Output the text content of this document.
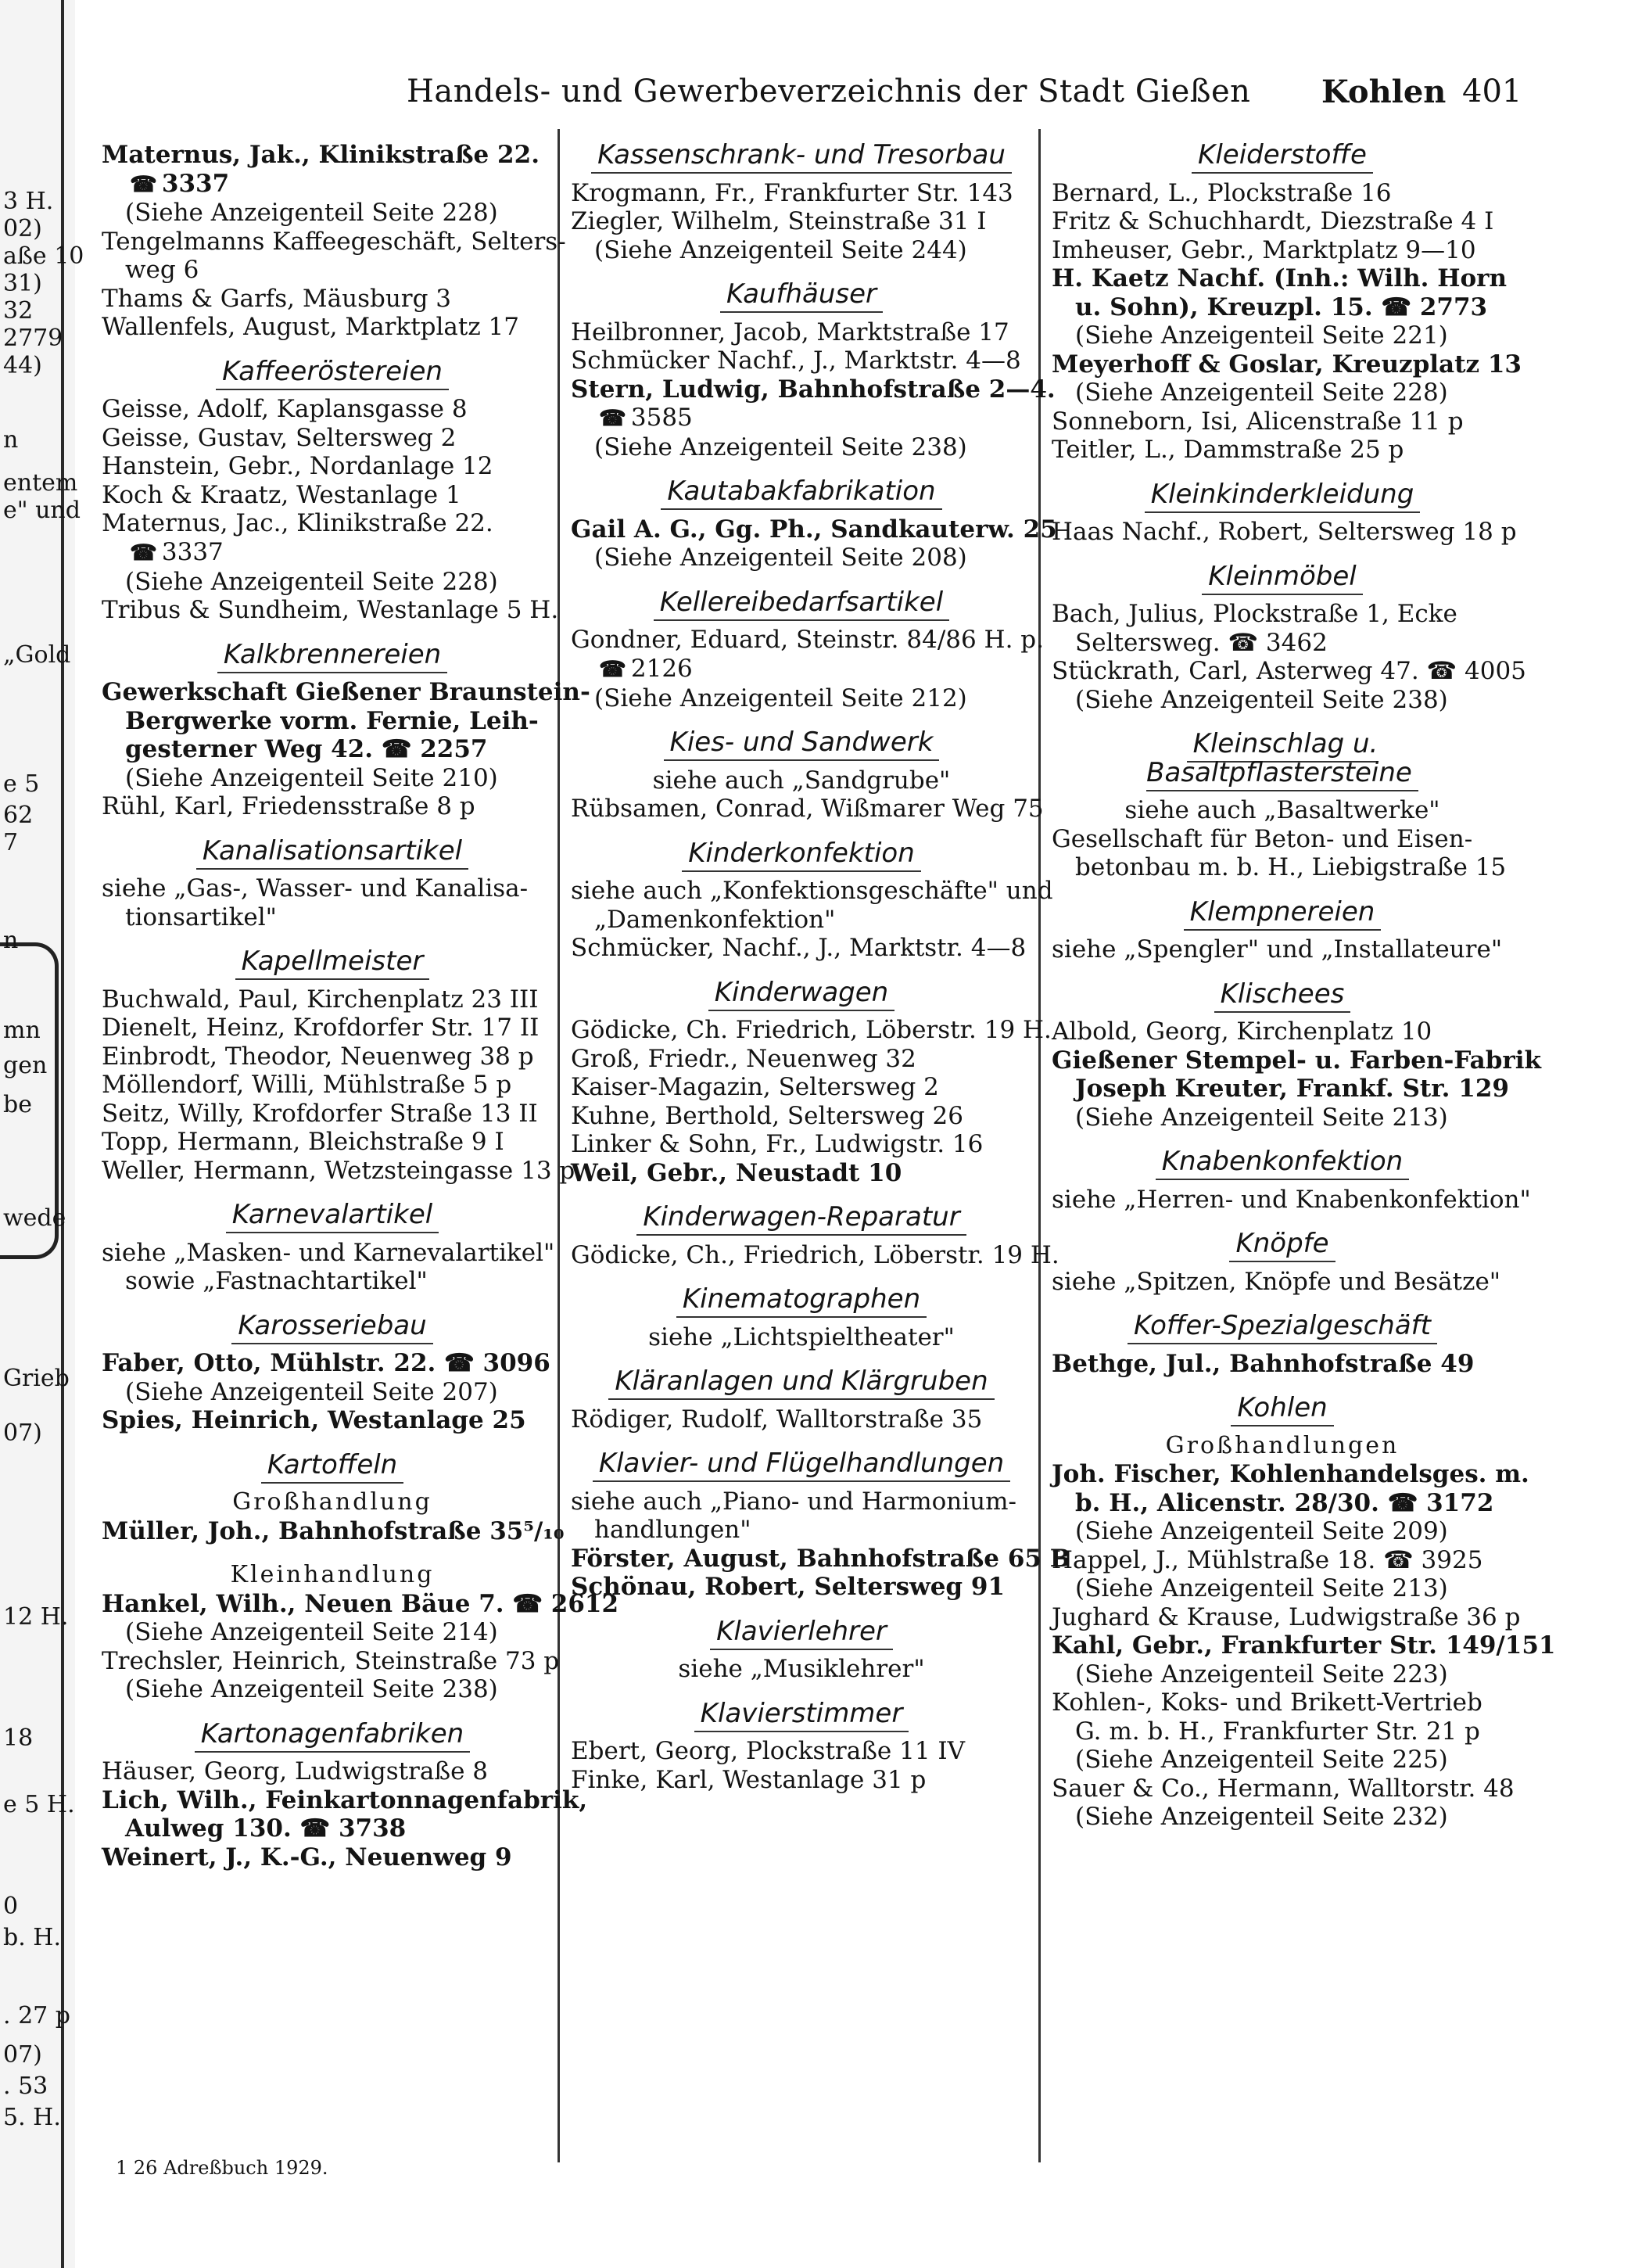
3 H.
02)
aße 10
31)
32
2779
44)
n
entem
e" und
„Gold
e 5
62
7
n
mn
gen
be
wede
Grieb
07)
12 H.
18
e 5 H.
0
b. H.
. 27 p
07)
. 53
5. H.
Handels- und Gewerbeverzeichnis der Stadt Gießen Kohlen 401
Maternus, Jak., Klinikstraße 22.
☎ 3337
(Siehe Anzeigenteil Seite 228)
Tengelmanns Kaffeegeschäft, Selters-
weg 6
Thams & Garfs, Mäusburg 3
Wallenfels, August, Marktplatz 17
Kaffeeröstereien
Geisse, Adolf, Kaplansgasse 8
Geisse, Gustav, Seltersweg 2
Hanstein, Gebr., Nordanlage 12
Koch & Kraatz, Westanlage 1
Maternus, Jac., Klinikstraße 22.
☎ 3337
(Siehe Anzeigenteil Seite 228)
Tribus & Sundheim, Westanlage 5 H.
Kalkbrennereien
Gewerkschaft Gießener Braunstein-
Bergwerke vorm. Fernie, Leih-
gesterner Weg 42. ☎ 2257
(Siehe Anzeigenteil Seite 210)
Rühl, Karl, Friedensstraße 8 p
Kanalisationsartikel
siehe „Gas-, Wasser- und Kanalisa-
tionsartikel"
Kapellmeister
Buchwald, Paul, Kirchenplatz 23 III
Dienelt, Heinz, Krofdorfer Str. 17 II
Einbrodt, Theodor, Neuenweg 38 p
Möllendorf, Willi, Mühlstraße 5 p
Seitz, Willy, Krofdorfer Straße 13 II
Topp, Hermann, Bleichstraße 9 I
Weller, Hermann, Wetzsteingasse 13 p
Karnevalartikel
siehe „Masken- und Karnevalartikel"
sowie „Fastnachtartikel"
Karosseriebau
Faber, Otto, Mühlstr. 22. ☎ 3096
(Siehe Anzeigenteil Seite 207)
Spies, Heinrich, Westanlage 25
Kartoffeln
Großhandlung
Müller, Joh., Bahnhofstraße 35⁵/₁₀
Kleinhandlung
Hankel, Wilh., Neuen Bäue 7. ☎ 2612
(Siehe Anzeigenteil Seite 214)
Trechsler, Heinrich, Steinstraße 73 p
(Siehe Anzeigenteil Seite 238)
Kartonagenfabriken
Häuser, Georg, Ludwigstraße 8
Lich, Wilh., Feinkartonnagenfabrik,
Aulweg 130. ☎ 3738
Weinert, J., K.-G., Neuenweg 9
Kassenschrank- und Tresorbau
Krogmann, Fr., Frankfurter Str. 143
Ziegler, Wilhelm, Steinstraße 31 I
(Siehe Anzeigenteil Seite 244)
Kaufhäuser
Heilbronner, Jacob, Marktstraße 17
Schmücker Nachf., J., Marktstr. 4—8
Stern, Ludwig, Bahnhofstraße 2—4.
☎ 3585
(Siehe Anzeigenteil Seite 238)
Kautabakfabrikation
Gail A. G., Gg. Ph., Sandkauterw. 25
(Siehe Anzeigenteil Seite 208)
Kellereibedarfsartikel
Gondner, Eduard, Steinstr. 84/86 H. p.
☎ 2126
(Siehe Anzeigenteil Seite 212)
Kies- und Sandwerk
siehe auch „Sandgrube"
Rübsamen, Conrad, Wißmarer Weg 75
Kinderkonfektion
siehe auch „Konfektionsgeschäfte" und
„Damenkonfektion"
Schmücker, Nachf., J., Marktstr. 4—8
Kinderwagen
Gödicke, Ch. Friedrich, Löberstr. 19 H.
Groß, Friedr., Neuenweg 32
Kaiser-Magazin, Seltersweg 2
Kuhne, Berthold, Seltersweg 26
Linker & Sohn, Fr., Ludwigstr. 16
Weil, Gebr., Neustadt 10
Kinderwagen-Reparatur
Gödicke, Ch., Friedrich, Löberstr. 19 H.
Kinematographen
siehe „Lichtspieltheater"
Kläranlagen und Klärgruben
Rödiger, Rudolf, Walltorstraße 35
Klavier- und Flügelhandlungen
siehe auch „Piano- und Harmonium-
handlungen"
Förster, August, Bahnhofstraße 65 B
Schönau, Robert, Seltersweg 91
Klavierlehrer
siehe „Musiklehrer"
Klavierstimmer
Ebert, Georg, Plockstraße 11 IV
Finke, Karl, Westanlage 31 p
Kleiderstoffe
Bernard, L., Plockstraße 16
Fritz & Schuchhardt, Diezstraße 4 I
Imheuser, Gebr., Marktplatz 9—10
H. Kaetz Nachf. (Inh.: Wilh. Horn
u. Sohn), Kreuzpl. 15. ☎ 2773
(Siehe Anzeigenteil Seite 221)
Meyerhoff & Goslar, Kreuzplatz 13
(Siehe Anzeigenteil Seite 228)
Sonneborn, Isi, Alicenstraße 11 p
Teitler, L., Dammstraße 25 p
Kleinkinderkleidung
Haas Nachf., Robert, Seltersweg 18 p
Kleinmöbel
Bach, Julius, Plockstraße 1, Ecke
Seltersweg. ☎ 3462
Stückrath, Carl, Asterweg 47. ☎ 4005
(Siehe Anzeigenteil Seite 238)
Kleinschlag u. Basaltpflastersteine
siehe auch „Basaltwerke"
Gesellschaft für Beton- und Eisen-
betonbau m. b. H., Liebigstraße 15
Klempnereien
siehe „Spengler" und „Installateure"
Klischees
Albold, Georg, Kirchenplatz 10
Gießener Stempel- u. Farben-Fabrik
Joseph Kreuter, Frankf. Str. 129
(Siehe Anzeigenteil Seite 213)
Knabenkonfektion
siehe „Herren- und Knabenkonfektion"
Knöpfe
siehe „Spitzen, Knöpfe und Besätze"
Koffer-Spezialgeschäft
Bethge, Jul., Bahnhofstraße 49
Kohlen
Großhandlungen
Joh. Fischer, Kohlenhandelsges. m.
b. H., Alicenstr. 28/30. ☎ 3172
(Siehe Anzeigenteil Seite 209)
Happel, J., Mühlstraße 18. ☎ 3925
(Siehe Anzeigenteil Seite 213)
Jughard & Krause, Ludwigstraße 36 p
Kahl, Gebr., Frankfurter Str. 149/151
(Siehe Anzeigenteil Seite 223)
Kohlen-, Koks- und Brikett-Vertrieb
G. m. b. H., Frankfurter Str. 21 p
(Siehe Anzeigenteil Seite 225)
Sauer & Co., Hermann, Walltorstr. 48
(Siehe Anzeigenteil Seite 232)
1 26 Adreßbuch 1929.
